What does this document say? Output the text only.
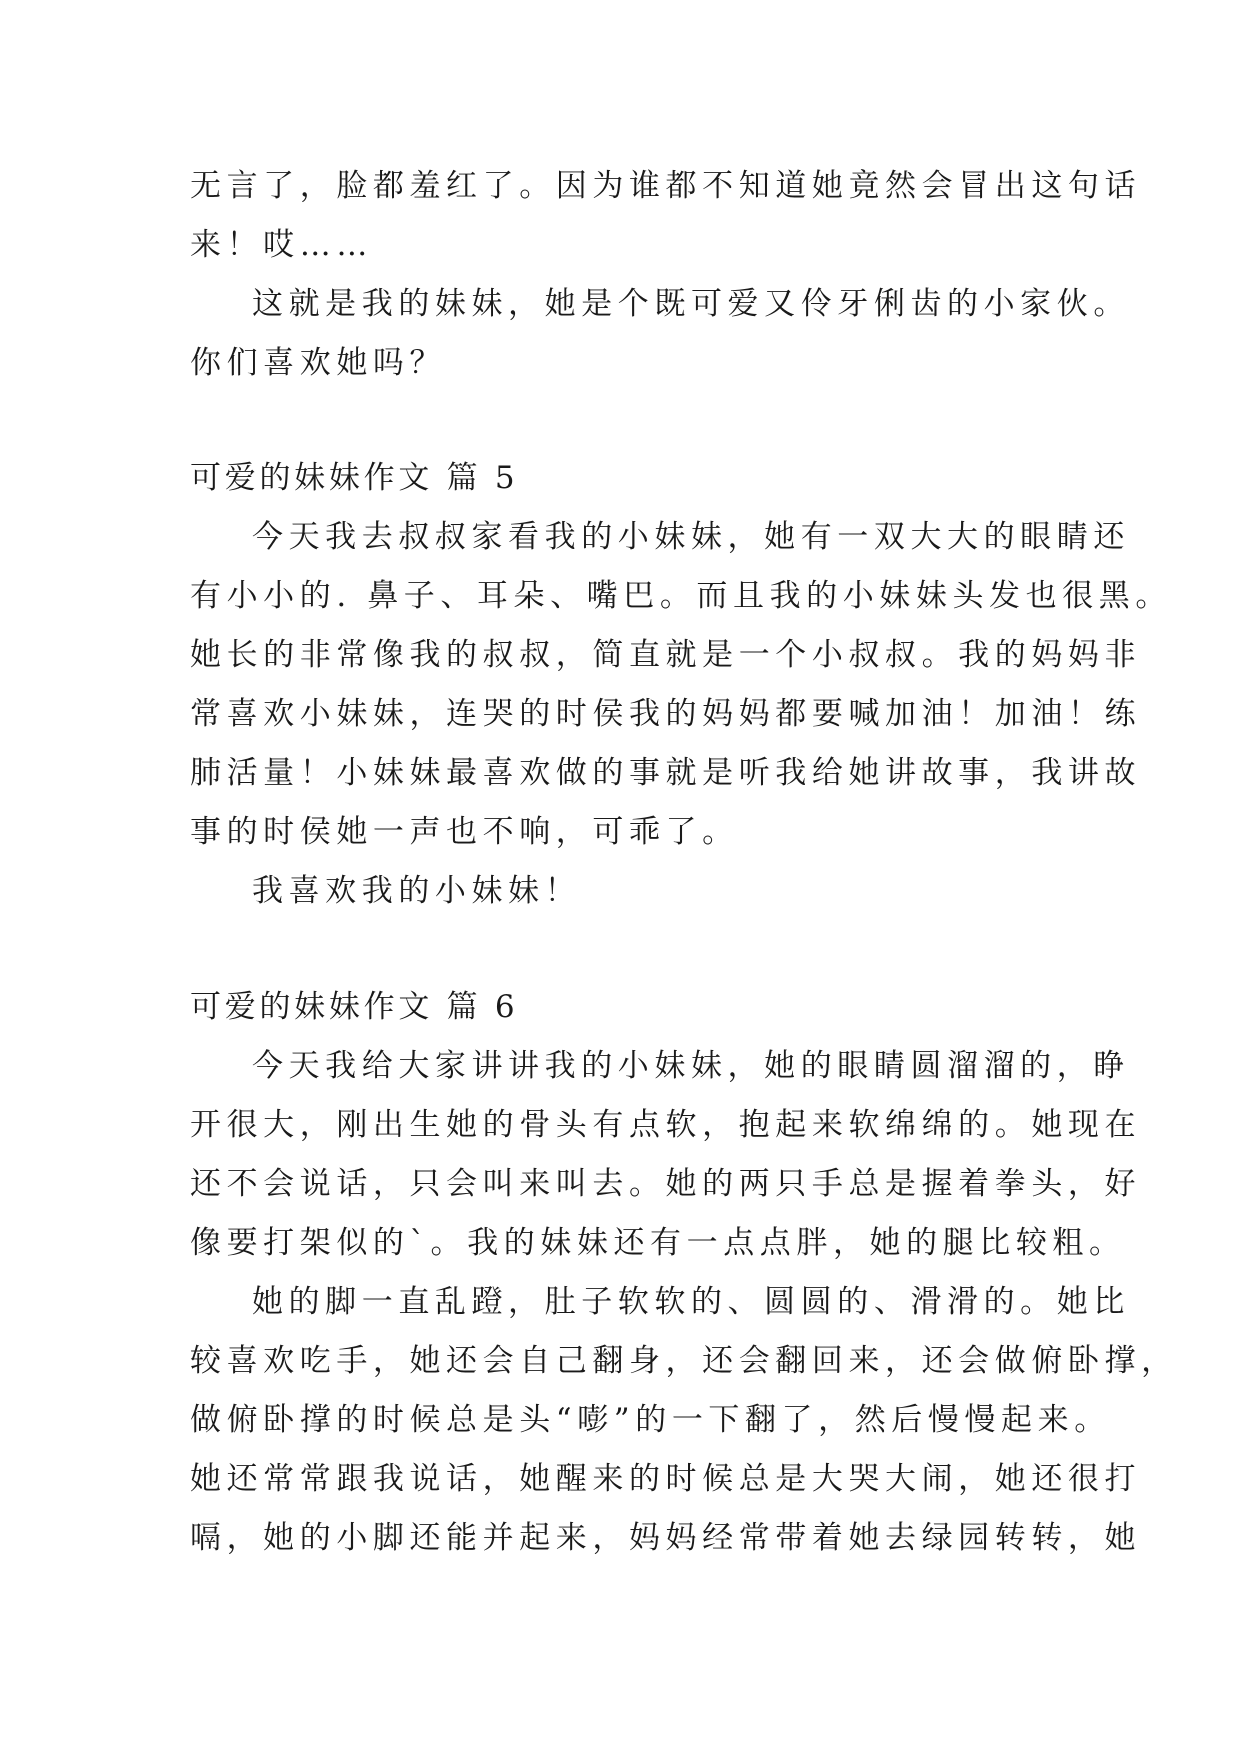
无言了，脸都羞红了。因为谁都不知道她竟然会冒出这句话
来！哎……
这就是我的妹妹，她是个既可爱又伶牙俐齿的小家伙。
你们喜欢她吗？
可爱的妹妹作文 篇 5
今天我去叔叔家看我的小妹妹，她有一双大大的眼睛还
有小小的. 鼻子、耳朵、嘴巴。而且我的小妹妹头发也很黑。
她长的非常像我的叔叔，简直就是一个小叔叔。我的妈妈非
常喜欢小妹妹，连哭的时侯我的妈妈都要喊加油！加油！练
肺活量！小妹妹最喜欢做的事就是听我给她讲故事，我讲故
事的时侯她一声也不响，可乖了。
我喜欢我的小妹妹！
可爱的妹妹作文 篇 6
今天我给大家讲讲我的小妹妹，她的眼睛圆溜溜的，睁
开很大，刚出生她的骨头有点软，抱起来软绵绵的。她现在
还不会说话，只会叫来叫去。她的两只手总是握着拳头，好
像要打架似的`。我的妹妹还有一点点胖，她的腿比较粗。
她的脚一直乱蹬，肚子软软的、圆圆的、滑滑的。她比
较喜欢吃手，她还会自己翻身，还会翻回来，还会做俯卧撑，
做俯卧撑的时候总是头“嘭”的一下翻了，然后慢慢起来。
她还常常跟我说话，她醒来的时候总是大哭大闹，她还很打
嗝，她的小脚还能并起来，妈妈经常带着她去绿园转转，她
